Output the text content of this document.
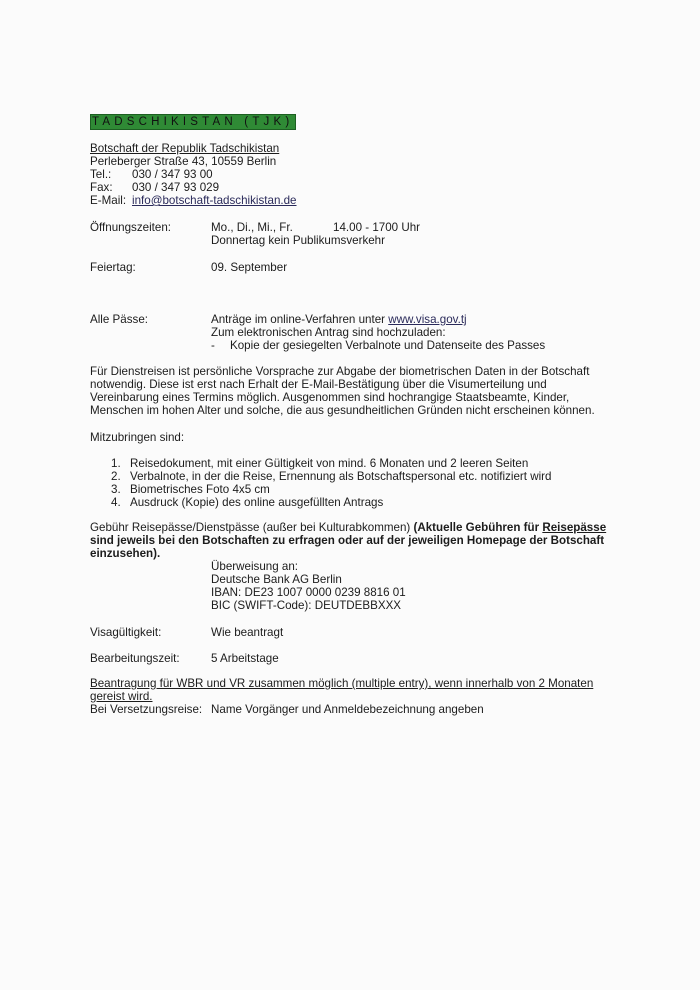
TADSCHIKISTAN (TJK)
Botschaft der Republik Tadschikistan
Perleberger Straße 43, 10559 Berlin
Tel.: 030 / 347 93 00
Fax: 030 / 347 93 029
E-Mail: info@botschaft-tadschikistan.de
Öffnungszeiten:	Mo., Di., Mi., Fr.	14.00 - 1700 Uhr
Donnertag kein Publikumsverkehr
Feiertag:	09. September
Alle Pässe:	Anträge im online-Verfahren unter www.visa.gov.tj
Zum elektronischen Antrag sind hochzuladen:
- Kopie der gesiegelten Verbalnote und Datenseite des Passes
Für Dienstreisen ist persönliche Vorsprache zur Abgabe der biometrischen Daten in der Botschaft
notwendig. Diese ist erst nach Erhalt der E-Mail-Bestätigung über die Visumerteilung und
Vereinbarung eines Termins möglich. Ausgenommen sind hochrangige Staatsbeamte, Kinder,
Menschen im hohen Alter und solche, die aus gesundheitlichen Gründen nicht erscheinen können.
Mitzubringen sind:
1. Reisedokument, mit einer Gültigkeit von mind. 6 Monaten und 2 leeren Seiten
2. Verbalnote, in der die Reise, Ernennung als Botschaftspersonal etc. notifiziert wird
3. Biometrisches Foto 4x5 cm
4. Ausdruck (Kopie) des online ausgefüllten Antrags
Gebühr Reisepässe/Dienstpässe (außer bei Kulturabkommen) (Aktuelle Gebühren für Reisepässe
sind jeweils bei den Botschaften zu erfragen oder auf der jeweiligen Homepage der Botschaft
einzusehen).
Überweisung an:
Deutsche Bank AG Berlin
IBAN: DE23 1007 0000 0239 8816 01
BIC (SWIFT-Code): DEUTDEBBXXX
Visagültigkeit:	Wie beantragt
Bearbeitungszeit:	5 Arbeitstage
Beantragung für WBR und VR zusammen möglich (multiple entry), wenn innerhalb von 2 Monaten
gereist wird.
Bei Versetzungsreise: Name Vorgänger und Anmeldebezeichnung angeben
